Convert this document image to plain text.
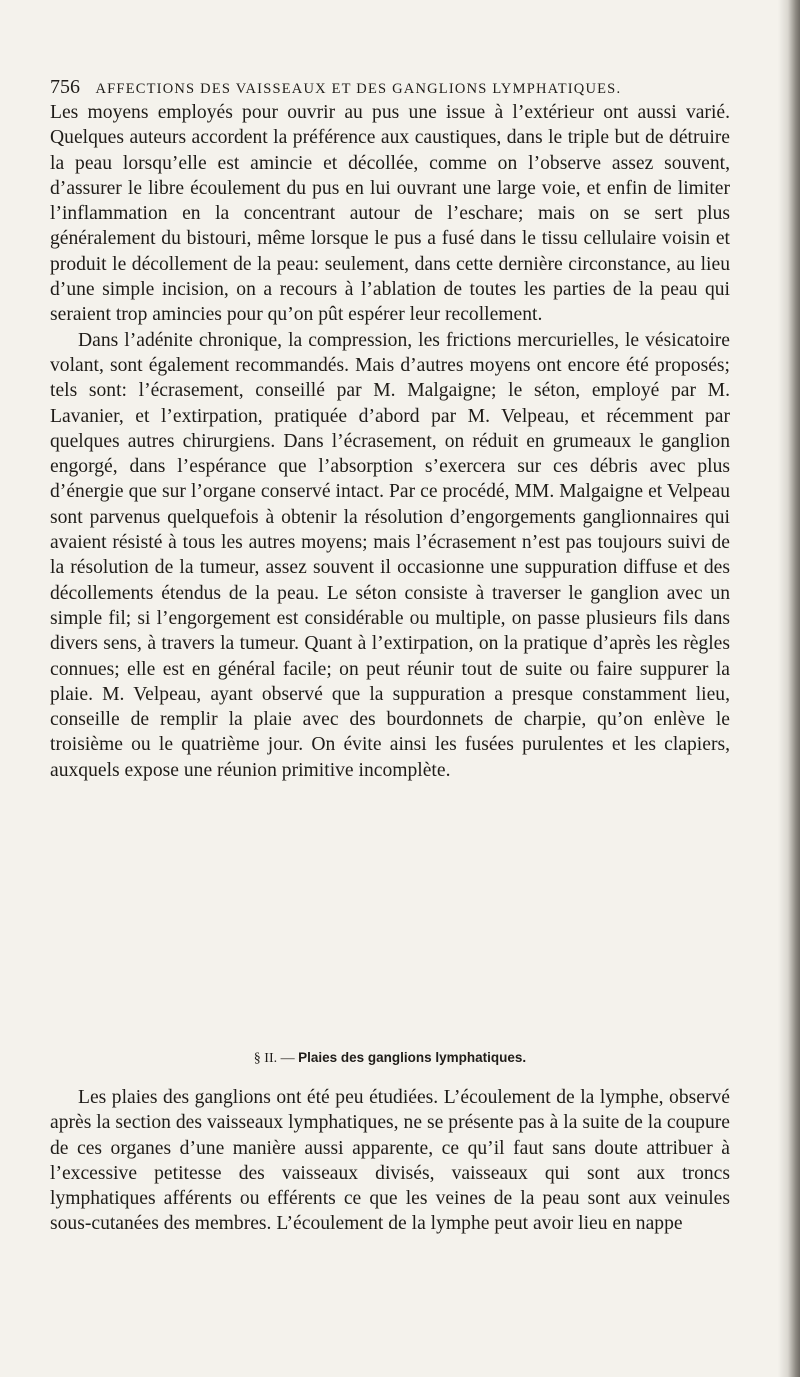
756 AFFECTIONS DES VAISSEAUX ET DES GANGLIONS LYMPHATIQUES.

Les moyens employés pour ouvrir au pus une issue à l’extérieur ont aussi varié. Quelques auteurs accordent la préférence aux caustiques, dans le triple but de détruire la peau lorsqu’elle est amincie et décollée, comme on l’observe assez souvent, d’assurer le libre écoulement du pus en lui ouvrant une large voie, et enfin de limiter l’inflammation en la concentrant autour de l’eschare; mais on se sert plus généralement du bistouri, même lorsque le pus a fusé dans le tissu cellulaire voisin et produit le décollement de la peau: seulement, dans cette dernière circonstance, au lieu d’une simple incision, on a recours à l’ablation de toutes les parties de la peau qui seraient trop amincies pour qu’on pût espérer leur recollement.

Dans l’adénite chronique, la compression, les frictions mercurielles, le vésicatoire volant, sont également recommandés. Mais d’autres moyens ont encore été proposés; tels sont: l’écrasement, conseillé par M. Malgaigne; le séton, employé par M. Lavanier, et l’extirpation, pratiquée d’abord par M. Velpeau, et récemment par quelques autres chirurgiens. Dans l’écrasement, on réduit en grumeaux le ganglion engorgé, dans l’espérance que l’absorption s’exercera sur ces débris avec plus d’énergie que sur l’organe conservé intact. Par ce procédé, MM. Malgaigne et Velpeau sont parvenus quelquefois à obtenir la résolution d’engorgements ganglionnaires qui avaient résisté à tous les autres moyens; mais l’écrasement n’est pas toujours suivi de la résolution de la tumeur, assez souvent il occasionne une suppuration diffuse et des décollements étendus de la peau. Le séton consiste à traverser le ganglion avec un simple fil; si l’engorgement est considérable ou multiple, on passe plusieurs fils dans divers sens, à travers la tumeur. Quant à l’extirpation, on la pratique d’après les règles connues; elle est en général facile; on peut réunir tout de suite ou faire suppurer la plaie. M. Velpeau, ayant observé que la suppuration a presque constamment lieu, conseille de remplir la plaie avec des bourdonnets de charpie, qu’on enlève le troisième ou le quatrième jour. On évite ainsi les fusées purulentes et les clapiers, auxquels expose une réunion primitive incomplète.

§ II. — Plaies des ganglions lymphatiques.

Les plaies des ganglions ont été peu étudiées. L’écoulement de la lymphe, observé après la section des vaisseaux lymphatiques, ne se présente pas à la suite de la coupure de ces organes d’une manière aussi apparente, ce qu’il faut sans doute attribuer à l’excessive petitesse des vaisseaux divisés, vaisseaux qui sont aux troncs lymphatiques afférents ou efférents ce que les veines de la peau sont aux veinules sous-cutanées des membres. L’écoulement de la lymphe peut avoir lieu en nappe
